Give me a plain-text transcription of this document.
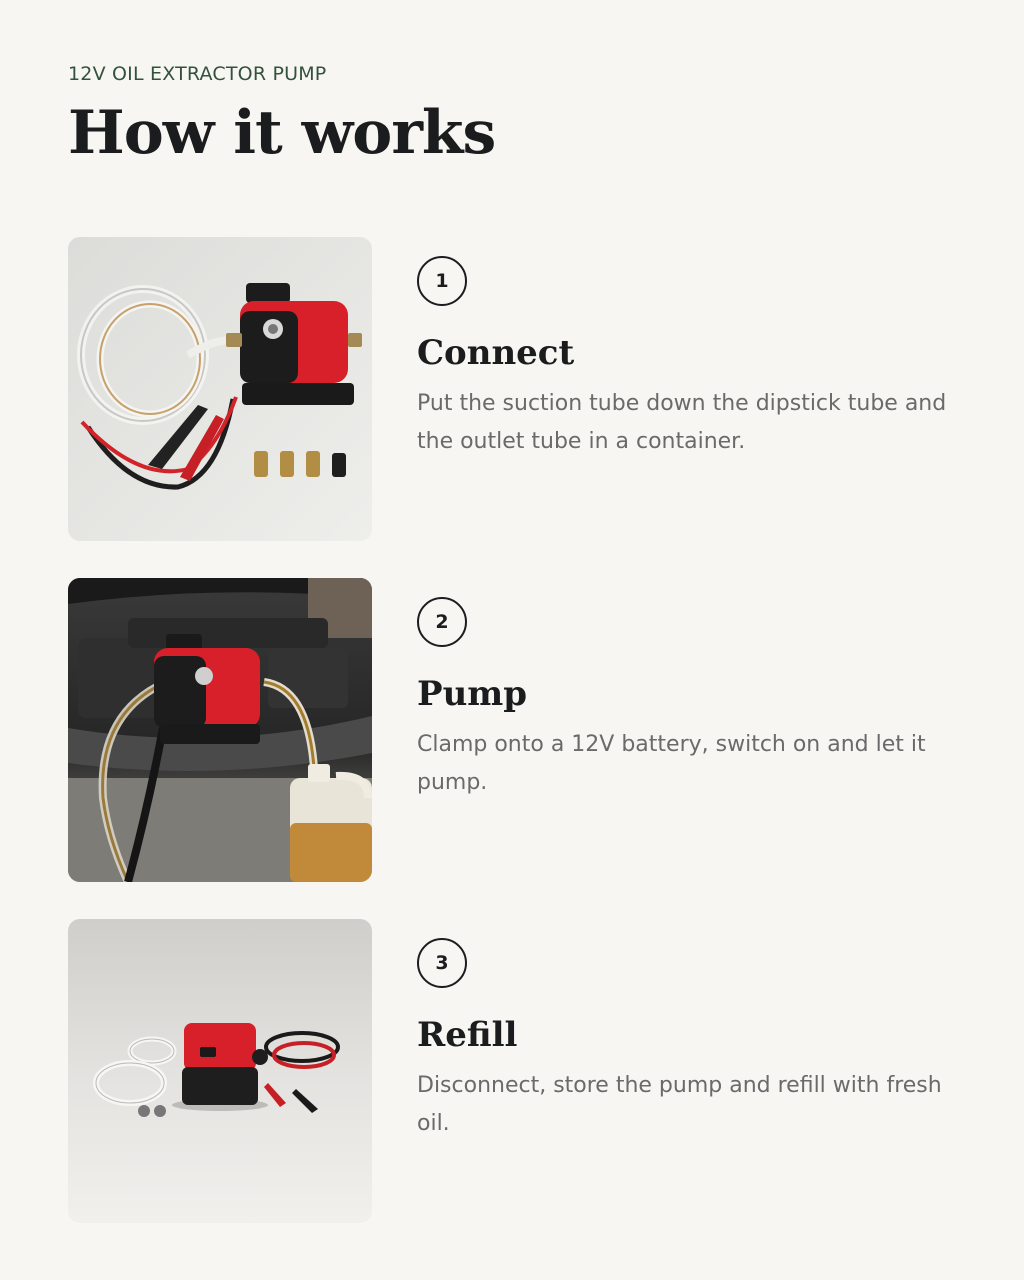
12V OIL EXTRACTOR PUMP
How it works
1
Connect

Put the suction tube down the dipstick tube and the outlet tube in a container.

2
Pump

Clamp onto a 12V battery, switch on and let it pump.

3
Refill

Disconnect, store the pump and refill with fresh oil.
